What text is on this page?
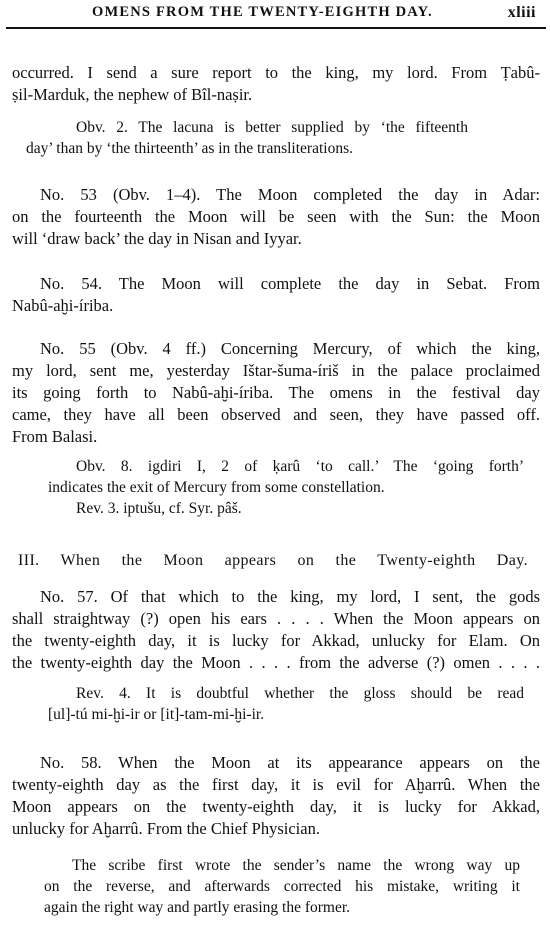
OMENS FROM THE TWENTY-EIGHTH DAY.	xliii
occurred. I send a sure report to the king, my lord. From Ṭabû-
ṣil-Marduk, the nephew of Bîl-naṣir.
Obv. 2. The lacuna is better supplied by ‘the fifteenth
day’ than by ‘the thirteenth’ as in the transliterations.
No. 53 (Obv. 1–4). The Moon completed the day in Adar:
on the fourteenth the Moon will be seen with the Sun: the Moon
will ‘draw back’ the day in Nisan and Iyyar.
No. 54. The Moon will complete the day in Sebat. From
Nabû-aḫi-íriba.
No. 55 (Obv. 4 ff.) Concerning Mercury, of which the king,
my lord, sent me, yesterday Ištar-šuma-íriš in the palace proclaimed
its going forth to Nabû-aḫi-íriba. The omens in the festival day
came, they have all been observed and seen, they have passed off.
From Balasi.
Obv. 8. igdiri I, 2 of ḳarû ‘to call.’ The ‘going forth’
indicates the exit of Mercury from some constellation.
Rev. 3. iptušu, cf. Syr. pâš.
III. When the Moon appears on the Twenty-eighth Day.
No. 57. Of that which to the king, my lord, I sent, the gods
shall straightway (?) open his ears . . . . When the Moon appears on
the twenty-eighth day, it is lucky for Akkad, unlucky for Elam. On
the twenty-eighth day the Moon . . . . from the adverse (?) omen . . . .
Rev. 4. It is doubtful whether the gloss should be read
[ul]-tú mi-ḫi-ir or [it]-tam-mi-ḫi-ir.
No. 58. When the Moon at its appearance appears on the
twenty-eighth day as the first day, it is evil for Aḫarrû. When the
Moon appears on the twenty-eighth day, it is lucky for Akkad,
unlucky for Aḫarrû. From the Chief Physician.
The scribe first wrote the sender’s name the wrong way up
on the reverse, and afterwards corrected his mistake, writing it
again the right way and partly erasing the former.
